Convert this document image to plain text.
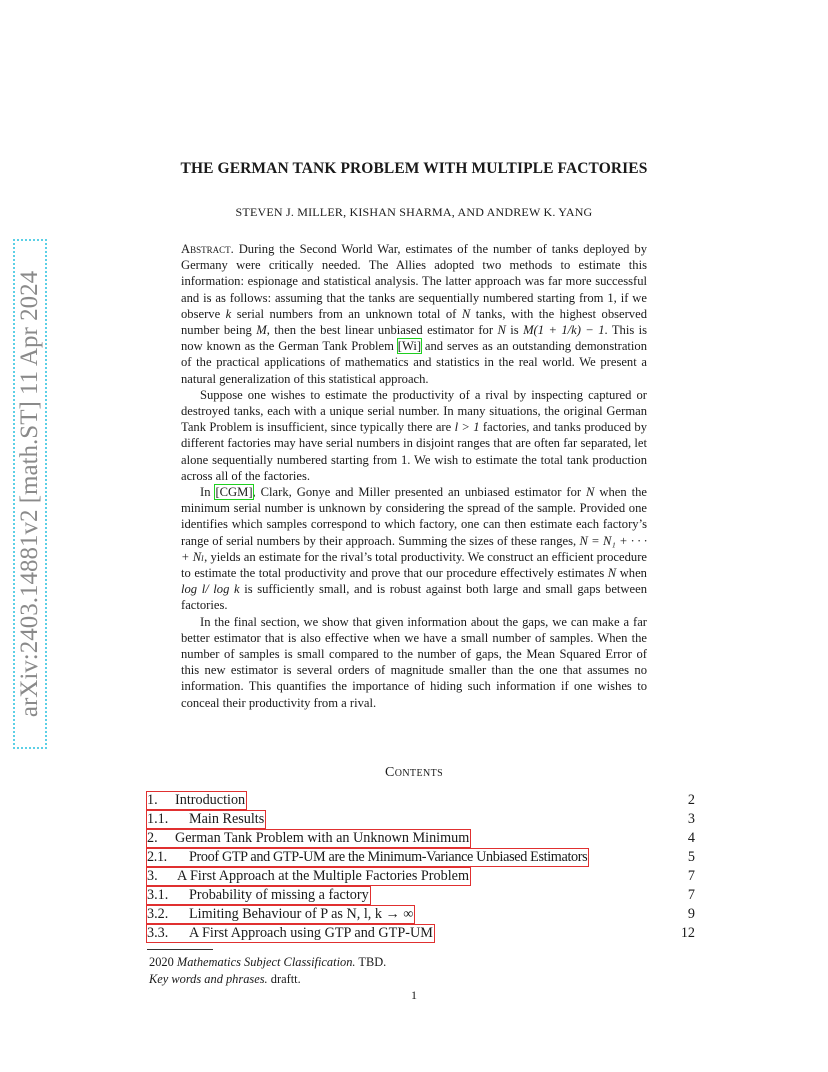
arXiv:2403.14881v2 [math.ST] 11 Apr 2024
THE GERMAN TANK PROBLEM WITH MULTIPLE FACTORIES
STEVEN J. MILLER, KISHAN SHARMA, AND ANDREW K. YANG

Abstract. During the Second World War, estimates of the number of tanks deployed by Germany were critically needed. The Allies adopted two methods to estimate this information: espionage and statistical analysis. The latter approach was far more successful and is as follows: assuming that the tanks are sequentially numbered starting from 1, if we observe k serial numbers from an unknown total of N tanks, with the highest observed number being M, then the best linear unbiased estimator for N is M(1 + 1/k) − 1. This is now known as the German Tank Problem [Wi] and serves as an outstanding demonstration of the practical applications of mathematics and statistics in the real world. We present a natural generalization of this statistical approach.

Suppose one wishes to estimate the productivity of a rival by inspecting captured or destroyed tanks, each with a unique serial number. In many situations, the original German Tank Problem is insufficient, since typically there are l > 1 factories, and tanks produced by different factories may have serial numbers in disjoint ranges that are often far separated, let alone sequentially numbered starting from 1. We wish to estimate the total tank production across all of the factories.

In [CGM], Clark, Gonye and Miller presented an unbiased estimator for N when the minimum serial number is unknown by considering the spread of the sample. Provided one identifies which samples correspond to which factory, one can then estimate each factory’s range of serial numbers by their approach. Summing the sizes of these ranges, N = N₁ + · · · + Nₗ, yields an estimate for the rival’s total productivity. We construct an efficient procedure to estimate the total productivity and prove that our procedure effectively estimates N when log l/ log k is sufficiently small, and is robust against both large and small gaps between factories.

In the final section, we show that given information about the gaps, we can make a far better estimator that is also effective when we have a small number of samples. When the number of samples is small compared to the number of gaps, the Mean Squared Error of this new estimator is several orders of magnitude smaller than the one that assumes no information. This quantifies the importance of hiding such information if one wishes to conceal their productivity from a rival.

Contents
1. Introduction	2
1.1. Main Results	3
2. German Tank Problem with an Unknown Minimum	4
2.1. Proof GTP and GTP-UM are the Minimum-Variance Unbiased Estimators	5
3. A First Approach at the Multiple Factories Problem	7
3.1. Probability of missing a factory	7
3.2. Limiting Behaviour of P as N, l, k → ∞	9
3.3. A First Approach using GTP and GTP-UM	12
2020 Mathematics Subject Classification. TBD.
Key words and phrases. draftt.
1
